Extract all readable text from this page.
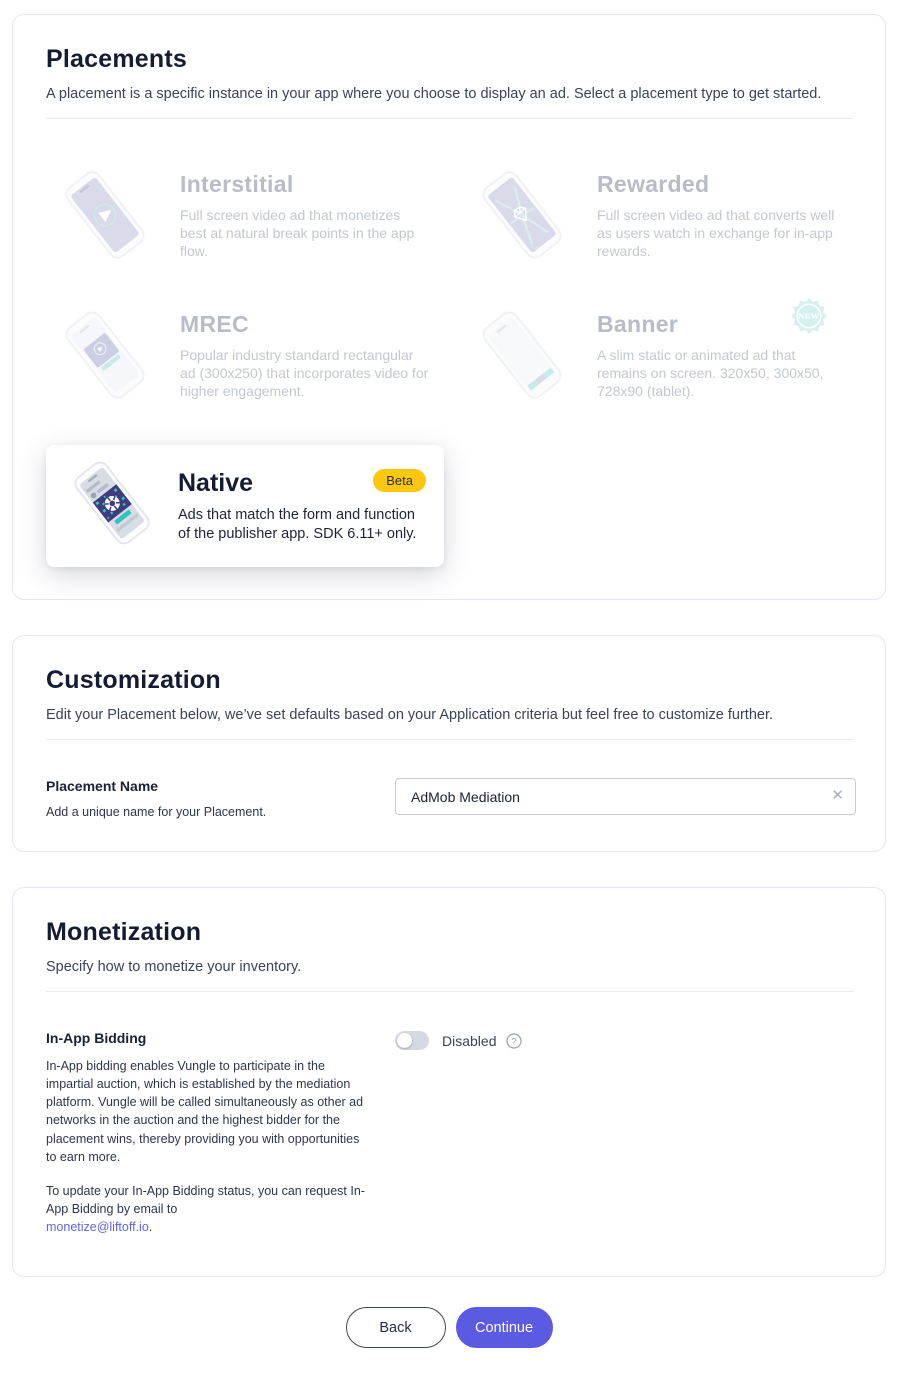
Placements

A placement is a specific instance in your app where you choose to display an ad. Select a placement type to get started.

Interstitial
Full screen video ad that monetizes best at natural break points in the app flow.
Rewarded
Full screen video ad that converts well as users watch in exchange for in-app rewards.
MREC
Popular industry standard rectangular ad (300x250) that incorporates video for higher engagement.
Banner
A slim static or animated ad that remains on screen. 320x50, 300x50, 728x90 (tablet).
NEW
Native
Ads that match the form and function of the publisher app. SDK 6.11+ only.
Beta
Customization

Edit your Placement below, we’ve set defaults based on your Application criteria but feel free to customize further.

Placement Name
Add a unique name for your Placement.
AdMob Mediation
✕
Monetization

Specify how to monetize your inventory.

In-App Bidding

In-App bidding enables Vungle to participate in the impartial auction, which is established by the mediation platform. Vungle will be called simultaneously as other ad networks in the auction and the highest bidder for the placement wins, thereby providing you with opportunities to earn more.

To update your In-App Bidding status, you can request In-App Bidding by email to
monetize@liftoff.io.

Disabled ?
Back	Continue
